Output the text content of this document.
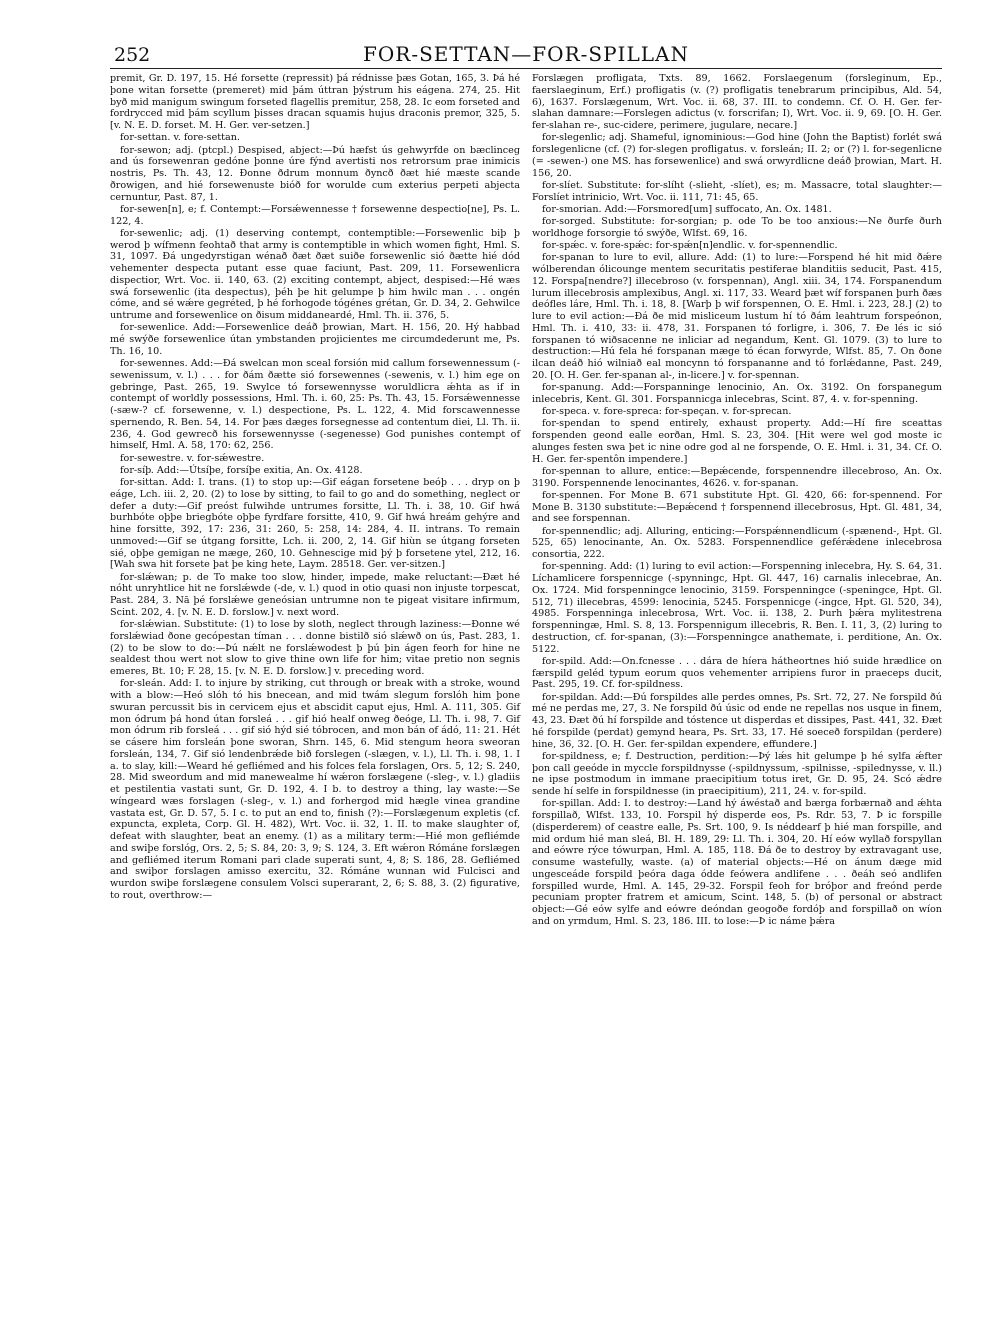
252	FOR-SETTAN—FOR-SPILLAN

premit, Gr. D. 197, 15. Hé forsette (repressit) þá rédnisse þæs Gotan, 165, 3. Þá hé þone witan forsette (premeret) mid þám úttran þýstrum his eágena. 274, 25. Hit byð mid manigum swingum forseted flagellis premitur, 258, 28. Ic eom forseted and fordrycced mid þám scyllum þisses dracan squamis hujus draconis premor, 325, 5. [v. N. E. D. forset. M. H. Ger. ver-setzen.]

for-settan. v. fore-settan.

for-sewon; adj. (ptcpl.) Despised, abject:—Þú hæfst ús gehwyrfde on bæclinceg and ús forsewenran gedóne þonne úre fýnd avertisti nos retrorsum prae inimicis nostris, Ps. Th. 43, 12. Ðonne ðdrum monnum ðyncð ðæt hié mæste scande ðrowigen, and hié forsewenuste bióð for worulde cum exterius perpeti abjecta cernuntur, Past. 87, 1.

for-sewen[n], e; f. Contempt:—Forsǽwennesse † forsewenne despectio[ne], Ps. L. 122, 4.

for-sewenlic; adj. (1) deserving contempt, contemptible:—Forsewenlic biþ þ werod þ wífmenn feohtað that army is contemptible in which women fight, Hml. S. 31, 1097. Ðá ungedyrstigan wénað ðæt ðæt suiðe forsewenlic sió ðætte hié dód vehementer despecta putant esse quae faciunt, Past. 209, 11. Forsewenlicra dispectior, Wrt. Voc. ii. 140, 63. (2) exciting contempt, abject, despised:—Hé wæs swá forsewenlic (ita despectus), þéh þe hit gelumpe þ him hwilc man . . . ongén cóme, and sé wǽre gegréted, þ hé forhogode tógénes grétan, Gr. D. 34, 2. Gehwilce untrume and forsewenlice on ðisum middaneardé, Hml. Th. ii. 376, 5.

for-sewenlice. Add:—Forsewenlice deáð þrowian, Mart. H. 156, 20. Hý habbad mé swýðe forsewenlice útan ymbstanden projicientes me circumdederunt me, Ps. Th. 16, 10.

for-sewennes. Add:—Ðá swelcan mon sceal forsión mid callum forsewennessum (-sewenissum, v. l.) . . . for ðám ðætte sió forsewennes (-sewenis, v. l.) him ege on gebringe, Past. 265, 19. Swylce tó forsewennysse woruldlicra ǽhta as if in contempt of worldly possessions, Hml. Th. i. 60, 25: Ps. Th. 43, 15. Forsǽwennesse (-sæw-? cf. forsewenne, v. l.) despectione, Ps. L. 122, 4. Mid forscawennesse spernendo, R. Ben. 54, 14. For þæs dæges forsegnesse ad contentum diei, Ll. Th. ii. 236, 4. God gewrecð his forsewennysse (-segenesse) God punishes contempt of himself, Hml. A. 58, 170: 62, 256.

for-sewestre. v. for-sǽwestre.

for-síþ. Add:—Útsíþe, forsíþe exitia, An. Ox. 4128.

for-sittan. Add: I. trans. (1) to stop up:—Gif eágan forsetene beóþ . . . dryp on þ eáge, Lch. iii. 2, 20. (2) to lose by sitting, to fail to go and do something, neglect or defer a duty:—Gif preóst fulwihde untrumes forsitte, Ll. Th. i. 38, 10. Gif hwá burhbóte oþþe briegbóte oþþe fyrdfare forsitte, 410, 9. Gif hwá hreám gehýre and hine forsitte, 392, 17: 236, 31: 260, 5: 258, 14: 284, 4. II. intrans. To remain unmoved:—Gif se útgang forsitte, Lch. ii. 200, 2, 14. Gif hiùn se útgang forseten sié, oþþe gemigan ne mæge, 260, 10. Gehnescige mid þý þ forsetene ytel, 212, 16. [Wah swa hit forsete þat þe king hete, Laym. 28518. Ger. ver-sitzen.]

for-slǽwan; p. de To make too slow, hinder, impede, make reluctant:—Ðæt hé nóht unryhtlice hit ne forslǽwde (-de, v. l.) quod in otio quasi non injuste torpescat, Past. 284, 3. Nā þé forslǽwe geneósian untrumne non te pigeat visitare infirmum, Scint. 202, 4. [v. N. E. D. forslow.] v. next word.

for-slǽwian. Substitute: (1) to lose by sloth, neglect through laziness:—Ðonne wé forslǽwiad ðone gecópestan tíman . . . donne bistilð sió slǽwð on ús, Past. 283, 1. (2) to be slow to do:—Þú nǽlt ne forslǽwodest þ þú þin ágen feorh for hine ne sealdest thou wert not slow to give thine own life for him; vitae pretio non segnis emeres, Bt. 10; F. 28, 15. [v. N. E. D. forslow.] v. preceding word.

for-sleán. Add: I. to injure by striking, cut through or break with a stroke, wound with a blow:—Heó slóh tó his bnecean, and mid twám slegum forslóh him þone swuran percussit bis in cervicem ejus et abscidit caput ejus, Hml. A. 111, 305. Gif mon ódrum þá hond útan forsleá . . . gif hió healf onweg ðeóge, Ll. Th. i. 98, 7. Gif mon ódrum rib forsleá . . . gif sió hýd sié tóbrocen, and mon bán of ádó, 11: 21. Hét se cásere him forsleán þone sworan, Shrn. 145, 6. Mid stengum heora sweoran forsleán, 134, 7. Gif sió lendenbrǽde bið forslegen (-slægen, v. l.), Ll. Th. i. 98, 1. I a. to slay, kill:—Weard hé gefliémed and his folces fela forslagen, Ors. 5, 12; S. 240, 28. Mid sweordum and mid manewealme hí wǽron forslægene (-sleg-, v. l.) gladiis et pestilentia vastati sunt, Gr. D. 192, 4. I b. to destroy a thing, lay waste:—Se wíngeard wæs forslagen (-sleg-, v. l.) and forhergod mid hægle vinea grandine vastata est, Gr. D. 57, 5. I c. to put an end to, finish (?):—Forslægenum expletis (cf. expuncta, expleta, Corp. Gl. H. 482), Wrt. Voc. ii. 32, 1. II. to make slaughter of, defeat with slaughter, beat an enemy. (1) as a military term:—Hié mon gefliémde and swiþe forslóg, Ors. 2, 5; S. 84, 20: 3, 9; S. 124, 3. Eft wǽron Rómáne forslægen and gefliémed iterum Romani pari clade superati sunt, 4, 8; S. 186, 28. Gefliémed and swiþor forslagen amisso exercitu, 32. Rómáne wunnan wid Fulcisci and wurdon swiþe forslægene consulem Volsci superarant, 2, 6; S. 88, 3. (2) figurative, to rout, overthrow:—

Forslægen profligata, Txts. 89, 1662. Forslaegenum (forsleginum, Ep., faerslaeginum, Erf.) profligatis (v. (?) profligatis tenebrarum principibus, Ald. 54, 6), 1637. Forslægenum, Wrt. Voc. ii. 68, 37. III. to condemn. Cf. O. H. Ger. fer-slahan damnare:—Forslegen adictus (v. forscrifan; I), Wrt. Voc. ii. 9, 69. [O. H. Ger. fer-slahan re-, suc-cidere, perimere, jugulare, necare.]

for-slegenlic; adj. Shameful, ignominious:—God hine (John the Baptist) forlét swá forslegenlicne (cf. (?) for-slegen profligatus. v. forsleán; II. 2; or (?) l. for-segenlicne (= -sewen-) one MS. has forsewenlice) and swá orwyrdlicne deáð þrowian, Mart. H. 156, 20.

for-slíet. Substitute: for-slíht (-slieht, -slíet), es; m. Massacre, total slaughter:—Forslíet intrinicio, Wrt. Voc. ii. 111, 71: 45, 65.

for-smorian. Add:—Forsmored[um] suffocato, An. Ox. 1481.

for-sorged. Substitute: for-sorgian; p. ode To be too anxious:—Ne ðurfe ðurh worldhoge forsorgie tó swýðe, Wlfst. 69, 16.

for-spǽc. v. fore-spǽc: for-spǽn[n]endlic. v. for-spennendlic.

for-spanan to lure to evil, allure. Add: (1) to lure:—Forspend hé hit mid ðǽre wólberendan ólicounge mentem securitatis pestiferae blanditiis seducit, Past. 415, 12. Forspa[nendre?] illecebroso (v. forspennan), Angl. xiii. 34, 174. Forspanendum lurum illecebrosis amplexibus, Angl. xi. 117, 33. Weard þæt wíf forspanen þurh ðæs deófles láre, Hml. Th. i. 18, 8. [Warþ þ wif forspennen, O. E. Hml. i. 223, 28.] (2) to lure to evil action:—Ðá ðe mid misliceum lustum hí tó ðám leahtrum forspeónon, Hml. Th. i. 410, 33: ii. 478, 31. Forspanen tó forligre, i. 306, 7. Ðe lés ic sió forspanen tó wiðsacenne ne inliciar ad negandum, Kent. Gl. 1079. (3) to lure to destruction:—Hú fela hé forspanan mæge tó écan forwyrde, Wlfst. 85, 7. On ðone ilcan deáð hió wilniað eal moncynn tó forspananne and tó forlǽdanne, Past. 249, 20. [O. H. Ger. fer-spanan al-, in-licere.] v. for-spennan.

for-spanung. Add:—Forspanninge lenocinio, An. Ox. 3192. On forspanegum inlecebris, Kent. Gl. 301. Forspannicga inlecebras, Scint. 87, 4. v. for-spenning.

for-speca. v. fore-spreca: for-speçan. v. for-sprecan.

for-spendan to spend entirely, exhaust property. Add:—Hí fire sceattas forspenden geond ealle eorðan, Hml. S. 23, 304. [Hit were wel god moste ic alunges festen swa þet ic nine odre god al ne forspende, O. E. Hml. i. 31, 34. Cf. O. H. Ger. fer-spentôn impendere.]

for-spennan to allure, entice:—Bepǽcende, forspennendre illecebroso, An. Ox. 3190. Forspennende lenocinantes, 4626. v. for-spanan.

for-spennen. For Mone B. 671 substitute Hpt. Gl. 420, 66: for-spennend. For Mone B. 3130 substitute:—Bepǽcend † forspennend illecebrosus, Hpt. Gl. 481, 34, and see forspennan.

for-spennendlic; adj. Alluring, enticing:—Forspǽnnendlicum (-spænend-, Hpt. Gl. 525, 65) lenocinante, An. Ox. 5283. Forspennendlice geférǽdene inlecebrosa consortia, 222.

for-spenning. Add: (1) luring to evil action:—Forspenning inlecebra, Hy. S. 64, 31. Líchamlicere forspennicge (-spynningc, Hpt. Gl. 447, 16) carnalis inlecebrae, An. Ox. 1724. Mid forspenningce lenocinio, 3159. Forspenningce (-speningce, Hpt. Gl. 512, 71) illecebras, 4599: lenocinia, 5245. Forspennicge (-ingce, Hpt. Gl. 520, 34), 4985. Forspenninga inlecebrosa, Wrt. Voc. ii. 138, 2. Þurh þǽra mylitestrena forspenningæ, Hml. S. 8, 13. Forspennigum illecebris, R. Ben. I. 11, 3, (2) luring to destruction, cf. for-spanan, (3):—Forspenningce anathemate, i. perditione, An. Ox. 5122.

for-spild. Add:—On.fcnesse . . . dára de híera hátheortnes hió suide hrædlice on færspild geléd typum eorum quos vehementer arripiens furor in praeceps ducit, Past. 295, 19. Cf. for-spildness.

for-spildan. Add:—Ðú forspildes alle perdes omnes, Ps. Srt. 72, 27. Ne forspild ðú mé ne perdas me, 27, 3. Ne forspild ðú úsic od ende ne repellas nos usque in finem, 43, 23. Ðæt ðú hí forspilde and tóstence ut disperdas et dissipes, Past. 441, 32. Ðæt hé forspilde (perdat) gemynd heara, Ps. Srt. 33, 17. Hé soeceð forspildan (perdere) hine, 36, 32. [O. H. Ger. fer-spildan expendere, effundere.]

for-spildness, e; f. Destruction, perdition:—Þý lǽs hit gelumpe þ hé sylfa ǽfter þon call geeóde in myccle forspildnysse (-spildnyssum, -spilnisse, -spilednysse, v. ll.) ne ipse postmodum in immane praecipitium totus iret, Gr. D. 95, 24. Scó ǽdre sende hí selfe in forspildnesse (in praecipitium), 211, 24. v. for-spild.

for-spillan. Add: I. to destroy:—Land hý áwéstað and bærga forbærnað and ǽhta forspillað, Wlfst. 133, 10. Forspil hý disperde eos, Ps. Rdr. 53, 7. Þ ic forspille (disperderem) of ceastre ealle, Ps. Srt. 100, 9. Is néddearf þ hié man forspille, and mid ordum hié man sleá, Bl. H. 189, 29: Ll. Th. i. 304, 20. Hí eów wyllað forspyllan and eówre rýce tówurpan, Hml. A. 185, 118. Ðá ðe to destroy by extravagant use, consume wastefully, waste. (a) of material objects:—Hé on ánum dæge mid ungesceáde forspild þeóra daga ódde feówera andlifene . . . ðeáh seó andlifen forspilled wurde, Hml. A. 145, 29-32. Forspil feoh for bróþor and freónd perde pecuniam propter fratrem et amicum, Scint. 148, 5. (b) of personal or abstract object:—Gé eów sylfe and eówre deóndan geogoðe fordóþ and forspillað on wíon and on yrmdum, Hml. S. 23, 186. III. to lose:—Þ ic náme þǽra
